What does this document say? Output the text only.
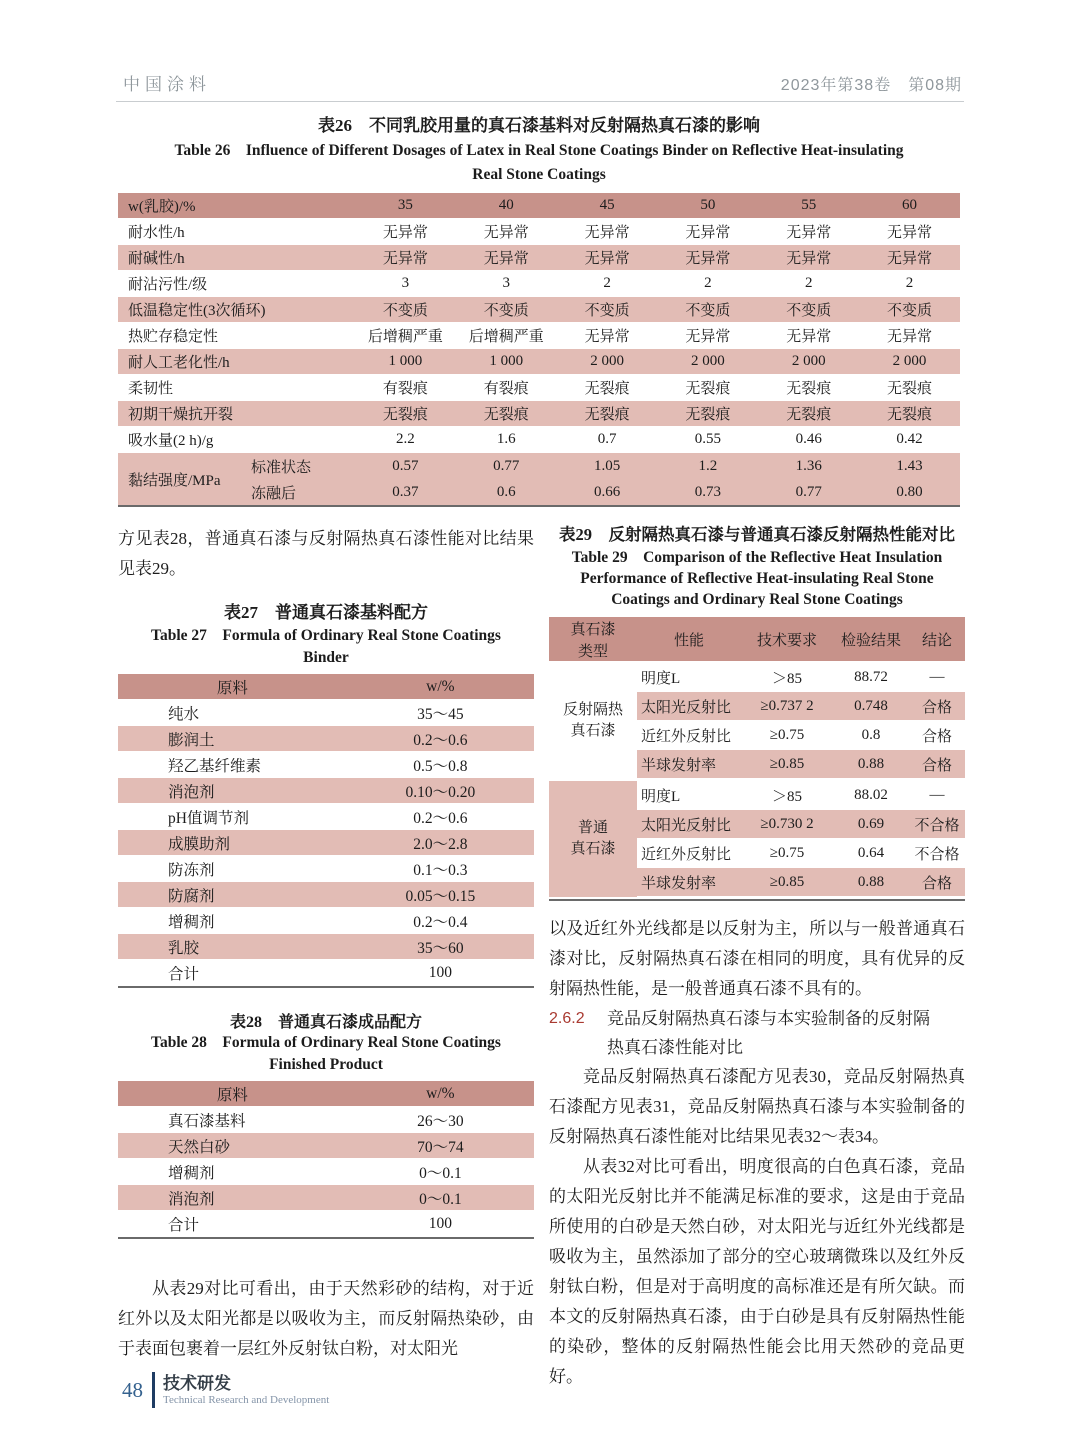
中国涂料	2023年第38卷　第08期
表26　不同乳胶用量的真石漆基料对反射隔热真石漆的影响
Table 26　Influence of Different Dosages of Latex in Real Stone Coatings Binder on Reflective Heat-insulating
Real Stone Coatings
w(乳胶)/%	35	40	45	50	55	60
耐水性/h	无异常	无异常	无异常	无异常	无异常	无异常
耐碱性/h	无异常	无异常	无异常	无异常	无异常	无异常
耐沾污性/级	3	3	2	2	2	2
低温稳定性(3次循环)	不变质	不变质	不变质	不变质	不变质	不变质
热贮存稳定性	后增稠严重	后增稠严重	无异常	无异常	无异常	无异常
耐人工老化性/h	1 000	1 000	2 000	2 000	2 000	2 000
柔韧性	有裂痕	有裂痕	无裂痕	无裂痕	无裂痕	无裂痕
初期干燥抗开裂	无裂痕	无裂痕	无裂痕	无裂痕	无裂痕	无裂痕
吸水量(2 h)/g	2.2	1.6	0.7	0.55	0.46	0.42
黏结强度/MPa
标准状态	0.57	0.77	1.05	1.2	1.36	1.43
冻融后	0.37	0.6	0.66	0.73	0.77	0.80

方见表28，普通真石漆与反射隔热真石漆性能对比结果见表29。

表27　普通真石漆基料配方
Table 27　Formula of Ordinary Real Stone Coatings
Binder
原料	w/%
纯水	35～45
膨润土	0.2～0.6
羟乙基纤维素	0.5～0.8
消泡剂	0.10～0.20
pH值调节剂	0.2～0.6
成膜助剂	2.0～2.8
防冻剂	0.1～0.3
防腐剂	0.05～0.15
增稠剂	0.2～0.4
乳胶	35～60
合计	100
表28　普通真石漆成品配方
Table 28　Formula of Ordinary Real Stone Coatings
Finished Product
原料	w/%
真石漆基料	26～30
天然白砂	70～74
增稠剂	0～0.1
消泡剂	0～0.1
合计	100

从表29对比可看出，由于天然彩砂的结构，对于近红外以及太阳光都是以吸收为主，而反射隔热染砂，由于表面包裹着一层红外反射钛白粉，对太阳光

表29　反射隔热真石漆与普通真石漆反射隔热性能对比
Table 29　Comparison of the Reflective Heat Insulation
Performance of Reflective Heat-insulating Real Stone
Coatings and Ordinary Real Stone Coatings
真石漆
类型
性能	技术要求	检验结果	结论
反射隔热
真石漆
明度L	＞85	88.72	—
太阳光反射比	≥0.737 2	0.748	合格
近红外反射比	≥0.75	0.8	合格
半球发射率	≥0.85	0.88	合格
普通
真石漆
明度L	＞85	88.02	—
太阳光反射比	≥0.730 2	0.69	不合格
近红外反射比	≥0.75	0.64	不合格
半球发射率	≥0.85	0.88	合格

以及近红外光线都是以反射为主，所以与一般普通真石漆对比，反射隔热真石漆在相同的明度，具有优异的反射隔热性能，是一般普通真石漆不具有的。

2.6.2	竞品反射隔热真石漆与本实验制备的反射隔
热真石漆性能对比

竞品反射隔热真石漆配方见表30，竞品反射隔热真石漆配方见表31，竞品反射隔热真石漆与本实验制备的反射隔热真石漆性能对比结果见表32～表34。

从表32对比可看出，明度很高的白色真石漆，竞品的太阳光反射比并不能满足标准的要求，这是由于竞品所使用的白砂是天然白砂，对太阳光与近红外光线都是吸收为主，虽然添加了部分的空心玻璃微珠以及红外反射钛白粉，但是对于高明度的高标准还是有所欠缺。而本文的反射隔热真石漆，由于白砂是具有反射隔热性能的染砂，整体的反射隔热性能会比用天然砂的竞品更好。

48 技术研发
Technical Research and Development
